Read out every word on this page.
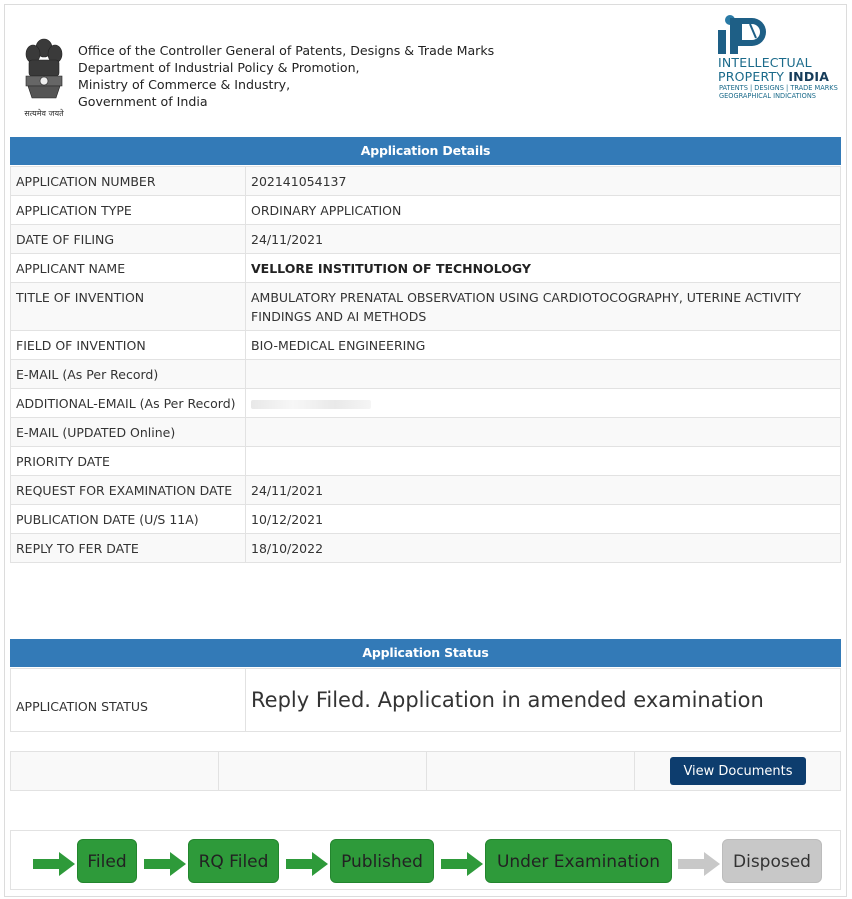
सत्यमेव जयते
Office of the Controller General of Patents, Designs & Trade Marks
Department of Industrial Policy & Promotion,
Ministry of Commerce & Industry,
Government of India
INTELLECTUAL
PROPERTY INDIA
PATENTS | DESIGNS | TRADE MARKS
GEOGRAPHICAL INDICATIONS
Application Details
APPLICATION NUMBER	202141054137
APPLICATION TYPE	ORDINARY APPLICATION
DATE OF FILING	24/11/2021
APPLICANT NAME	VELLORE INSTITUTION OF TECHNOLOGY
TITLE OF INVENTION	AMBULATORY PRENATAL OBSERVATION USING CARDIOTOCOGRAPHY, UTERINE ACTIVITY FINDINGS AND AI METHODS
FIELD OF INVENTION	BIO-MEDICAL ENGINEERING
E-MAIL (As Per Record)	
ADDITIONAL-EMAIL (As Per Record)	
E-MAIL (UPDATED Online)	
PRIORITY DATE	
REQUEST FOR EXAMINATION DATE	24/11/2021
PUBLICATION DATE (U/S 11A)	10/12/2021
REPLY TO FER DATE	18/10/2022
Application Status
APPLICATION STATUS	Reply Filed. Application in amended examination
View Documents
Filed	RQ Filed	Published	Under Examination	Disposed
